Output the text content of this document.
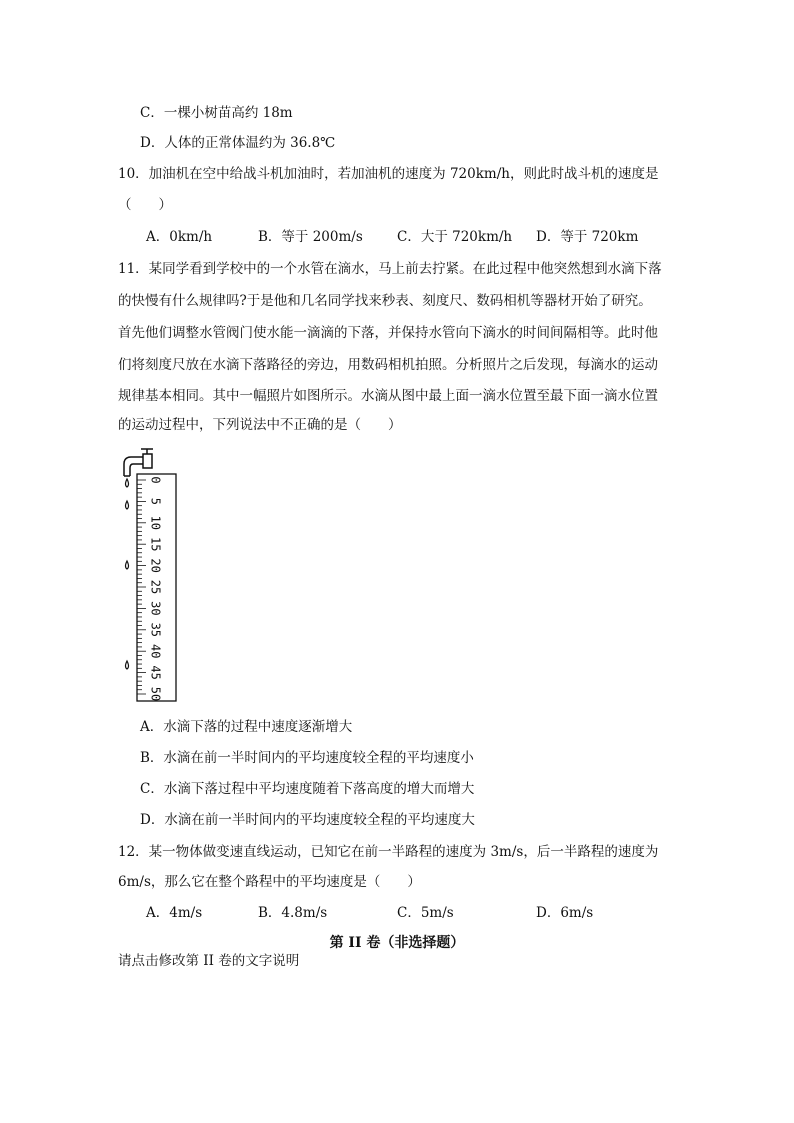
C．一棵小树苗高约 18m
D．人体的正常体温约为 36.8℃
10．加油机在空中给战斗机加油时，若加油机的速度为 720km/h，则此时战斗机的速度是
（　　）
A．0km/h	B．等于 200m/s	C．大于 720km/h D．等于 720km
11．某同学看到学校中的一个水管在滴水，马上前去拧紧。在此过程中他突然想到水滴下落
的快慢有什么规律吗?于是他和几名同学找来秒表、刻度尺、数码相机等器材开始了研究。
首先他们调整水管阀门使水能一滴滴的下落，并保持水管向下滴水的时间间隔相等。此时他
们将刻度尺放在水滴下落路径的旁边，用数码相机拍照。分析照片之后发现，每滴水的运动
规律基本相同。其中一幅照片如图所示。水滴从图中最上面一滴水位置至最下面一滴水位置
的运动过程中，下列说法中不正确的是（　　）
0
5
10
15
20
25
30
35
40
45
50
A．水滴下落的过程中速度逐渐增大
B．水滴在前一半时间内的平均速度较全程的平均速度小
C．水滴下落过程中平均速度随着下落高度的增大而增大
D．水滴在前一半时间内的平均速度较全程的平均速度大
12．某一物体做变速直线运动，已知它在前一半路程的速度为 3m/s，后一半路程的速度为
6m/s，那么它在整个路程中的平均速度是（　　）
A．4m/s	B．4.8m/s	C．5m/s	D．6m/s
第 II 卷（非选择题）
请点击修改第 II 卷的文字说明
